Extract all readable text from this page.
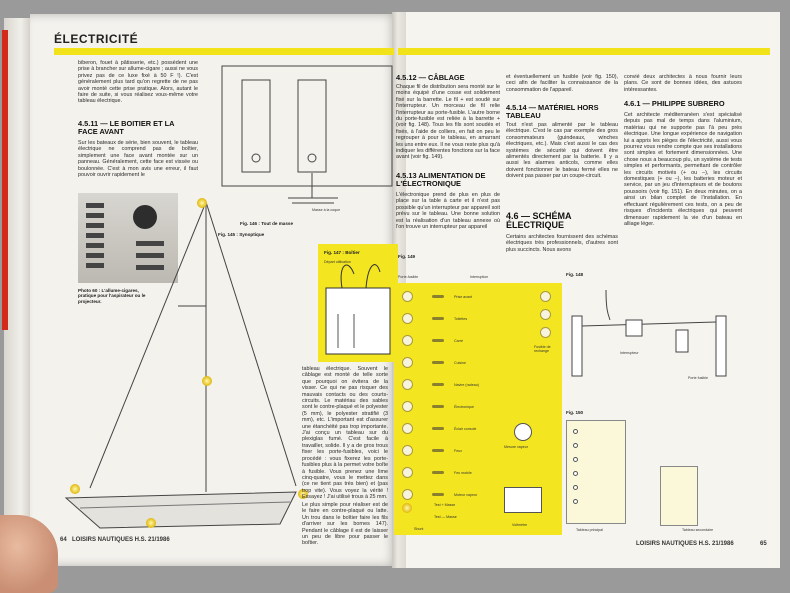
ÉLECTRICITÉ
biberon, fouet à pâtisserie, etc.) possèdent une prise à brancher sur allume-cigare ; aussi ne vous privez pas de ce luxe fixé à 50 F !). C'est généralement plus tard qu'on regrette de ne pas avoir monté cette prise pratique. Alors, autant le faire de suite, si vous réalisez vous-même votre tableau électrique.
4.5.11 — LE BOITIER ET LA FACE AVANT
Sur les bateaux de série, bien souvent, le tableau électrique ne comprend pas de boîtier, simplement une face avant montée sur un panneau. Généralement, cette face est vissée ou boulonnée. C'est à mon avis une erreur, il faut pouvoir ouvrir rapidement le
Photo 60 : L'allume-cigares, pratique pour l'aspirateur ou le projecteur.
Fig. 146 : Tout de masse
Masse à la coque
Fig. 145 : Synoptique
Fig. 147 : Boîtier
Départ utilisation
tableau électrique. Souvent le câblage est monté de telle sorte que pourquoi on évitera de la visser. Ce qui ne pas risquer des mauvais contacts ou des courts-circuits. Le matériau des sables sont le contre-plaqué et le polyester (5 mm), le polyester stratifié (3 mm), etc. L'important est d'assurer une étanchéité pas trop importante. J'ai conçu un tableau sur du plexiglas fumé. C'est facile à travailler, solide. Il y a de gros trous fixer les porte-fusibles, voici le procédé : vous fixerez les porte-fusibles plus à la permet votre boîte à fusible. Vous prenez une lime cinq-quatre, vous le mettez dans (ce ne tient pas très bien) et (pas trop vite). Vous voyez la vérité ! Essayez ! J'ai utilisé trous à 25 mm.
Le plus simple pour réaliser est de le faire en contre-plaqué ou latte. Un trou dans le boîtier faire les fils d'arriver sur les bornes 147). Pendant le câblage il est de laisser un peu de libre pour passer le boîtier.
64 LOISIRS NAUTIQUES H.S. 21/1986
4.5.12 — CÂBLAGE
Chaque fil de distribution sera monté sur le moins équipé d'une cosse est solidement fixé sur la barrette. Le fil + est soudé sur l'interrupteur. Un morceau de fil relie l'interrupteur au porte-fusible. L'autre borne du porte-fusible est reliée à la barrette + (voir fig. 148). Tous les fils sont soudés et fixés, à l'aide de colliers, en fait on peu le regrouper à pour le tableau, en amarrant les uns entre eux. Il ne vous reste plus qu'à indiquer les différentes fonctions sur la face avant (voir fig. 149).
4.5.13 ALIMENTATION DE L'ÉLECTRONIQUE
L'électronique prend de plus en plus de place sur la table à carte et il n'est pas possible qu'un interrupteur par appareil soit prévu sur le tableau. Une bonne solution est la réalisation d'un tableau annexe où l'on trouve un interrupteur par appareil
et éventuellement un fusible (voir fig. 150), ceci afin de faciliter la connaissance de la consommation de l'appareil.
4.5.14 — MATÉRIEL HORS TABLEAU
Tout n'est pas alimenté par le tableau électrique. C'est le cas par exemple des gros consommateurs (guindeaux, winches électriques, etc.). Mais c'est aussi le cas des systèmes de sécurité qui doivent être alimentés directement par la batterie. Il y a aussi les alarmes anticols, comme elles doivent fonctionner le bateau fermé elles ne doivent pas passer par un coupe-circuit.
4.6 — SCHÉMA ÉLECTRIQUE
Certains architectes fournissent des schémas électriques très professionnels, d'autres sont plus succincts. Nous avons
convié deux architectes à nous fournir leurs plans. Ce sont de bonnes idées, des astuces intéressantes.
4.6.1 — PHILIPPE SUBRERO
Cet architecte méditerranéen s'est spécialisé depuis pas mal de temps dans l'aluminium, matériau qui ne supporte pas l'à peu près électrique. Une longue expérience de navigation lui a appris les pièges de l'électricité, aussi vous pourrez vous rendre compte que ses installations sont simples et fortement dimensionnées. Une chose nous a beaucoup plu, un système de tests simples et performants, permettant de contrôler les circuits motivés (+ ou –), les circuits domestiques (+ ou –), les batteries moteur et service, par un jeu d'interrupteurs et de boutons poussoirs (voir fig. 151). En deux minutes, on a ainsi un bilan complet de l'installation. En effectuant régulièrement ces tests, on a peu de risques d'incidents électriques qui peuvent dimensuer rapidement la vie d'un bateau en alliage léger.
Fig. 149
Porte-fusible	Interruption
Prise avant
Toilettes
Carré
Cuisine
Navire (radeau)
Électronique
Éclair console
Feux
Feu mobile
Moteur vapeur
Fusible de rechange
Mesure vapeur
Voltmètre
Test + Masse
Test — Masse
Shunt
Fig. 148
Interrupteur
Porte fusible
Fig. 150
Tableau principal	Tableau secondaire
LOISIRS NAUTIQUES H.S. 21/1986	65
